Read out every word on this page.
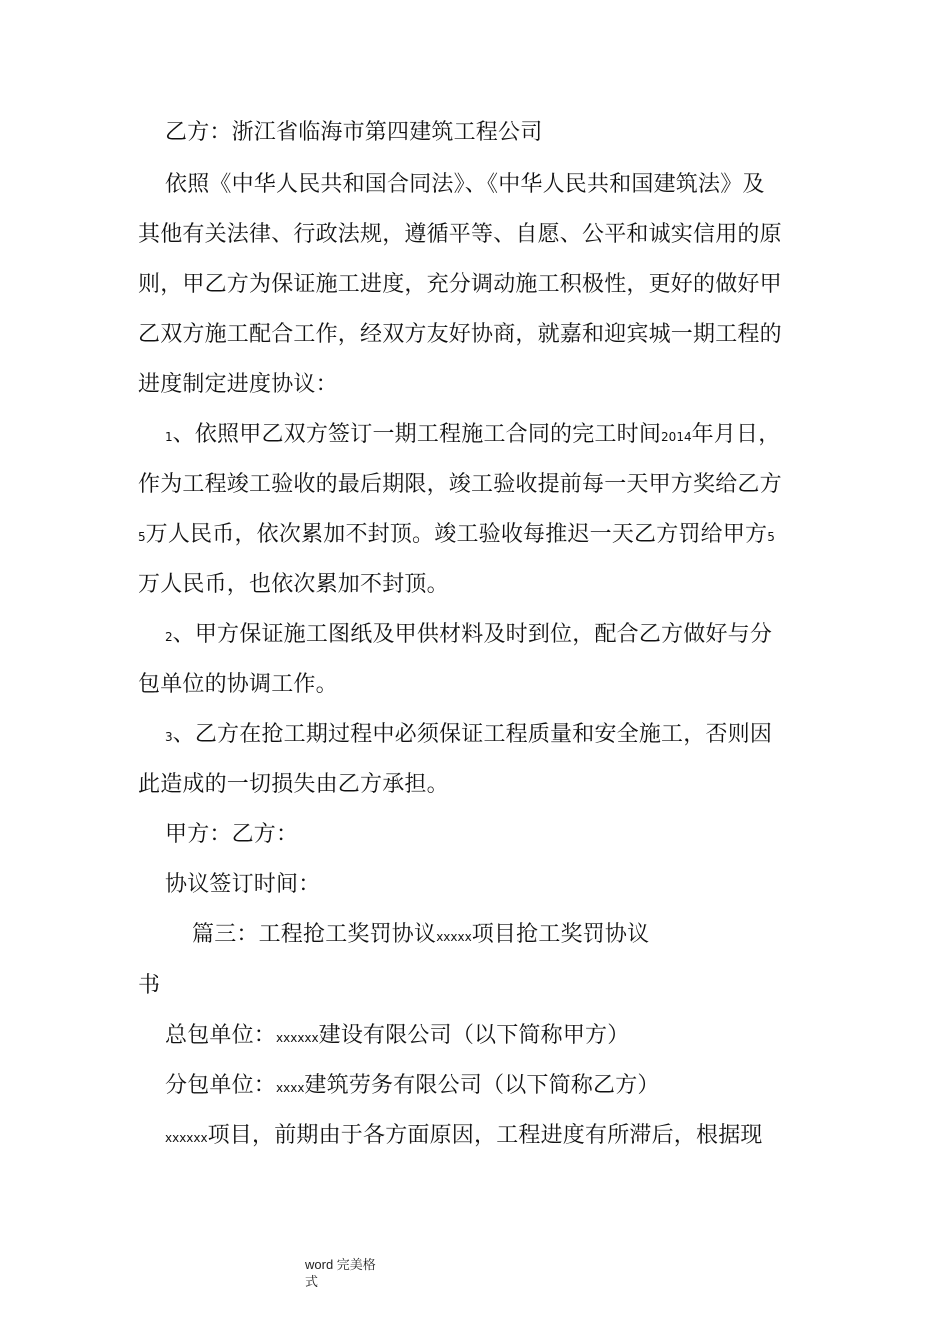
乙方：浙江省临海市第四建筑工程公司
依照《中华人民共和国合同法》、《中华人民共和国建筑法》及
其他有关法律、行政法规，遵循平等、自愿、公平和诚实信用的原
则，甲乙方为保证施工进度，充分调动施工积极性，更好的做好甲
乙双方施工配合工作，经双方友好协商，就嘉和迎宾城一期工程的
进度制定进度协议：
1、依照甲乙双方签订一期工程施工合同的完工时间2014年月日，
作为工程竣工验收的最后期限，竣工验收提前每一天甲方奖给乙方
5万人民币，依次累加不封顶。竣工验收每推迟一天乙方罚给甲方5
万人民币，也依次累加不封顶。
2、甲方保证施工图纸及甲供材料及时到位，配合乙方做好与分
包单位的协调工作。
3、乙方在抢工期过程中必须保证工程质量和安全施工，否则因
此造成的一切损失由乙方承担。
甲方：乙方：
协议签订时间：
篇三：工程抢工奖罚协议xxxxx项目抢工奖罚协议
书
总包单位：xxxxxx建设有限公司（以下简称甲方）
分包单位：xxxx建筑劳务有限公司（以下简称乙方）
xxxxxx项目，前期由于各方面原因，工程进度有所滞后，根据现
word 完美格
式
